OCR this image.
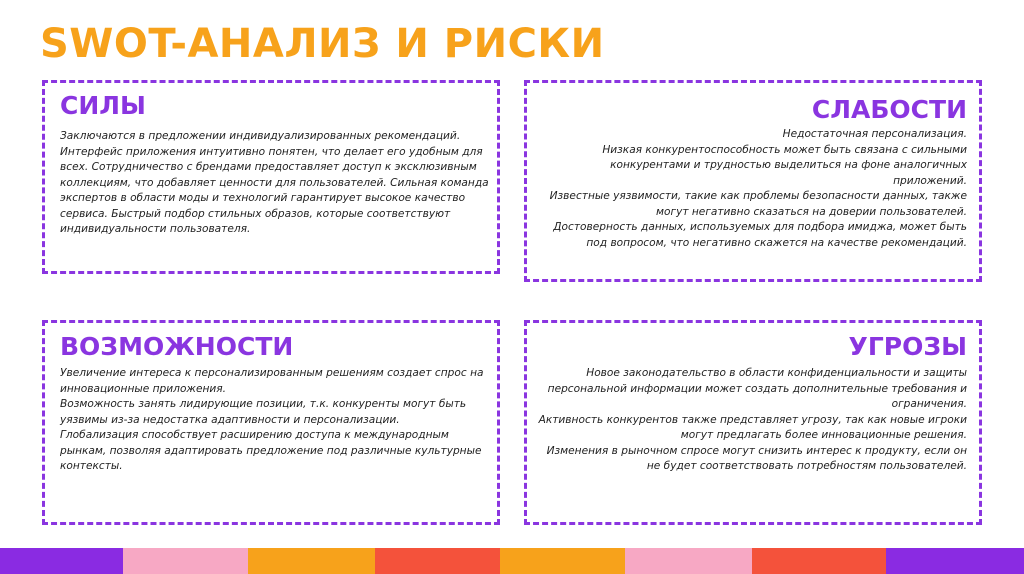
SWOT-АНАЛИЗ И РИСКИ
СИЛЫ

Заключаются в предложении индивидуализированных рекомендаций. Интерфейс приложения интуитивно понятен, что делает его удобным для всех. Сотрудничество с брендами предоставляет доступ к эксклюзивным коллекциям, что добавляет ценности для пользователей. Сильная команда экспертов в области моды и технологий гарантирует высокое качество сервиса. Быстрый подбор стильных образов, которые соответствуют индивидуальности пользователя.

СЛАБОСТИ

Недостаточная персонализация.

Низкая конкурентоспособность может быть связана с сильными конкурентами и трудностью выделиться на фоне аналогичных приложений.

Известные уязвимости, такие как проблемы безопасности данных, также могут негативно сказаться на доверии пользователей.

Достоверность данных, используемых для подбора имиджа, может быть под вопросом, что негативно скажется на качестве рекомендаций.

ВОЗМОЖНОСТИ

Увеличение интереса к персонализированным решениям создает спрос на инновационные приложения.

Возможность занять лидирующие позиции, т.к. конкуренты могут быть уязвимы из-за недостатка адаптивности и персонализации.

Глобализация способствует расширению доступа к международным рынкам, позволяя адаптировать предложение под различные культурные контексты.

УГРОЗЫ

Новое законодательство в области конфиденциальности и защиты персональной информации может создать дополнительные требования и ограничения.

Активность конкурентов также представляет угрозу, так как новые игроки могут предлагать более инновационные решения.

Изменения в рыночном спросе могут снизить интерес к продукту, если он не будет соответствовать потребностям пользователей.
